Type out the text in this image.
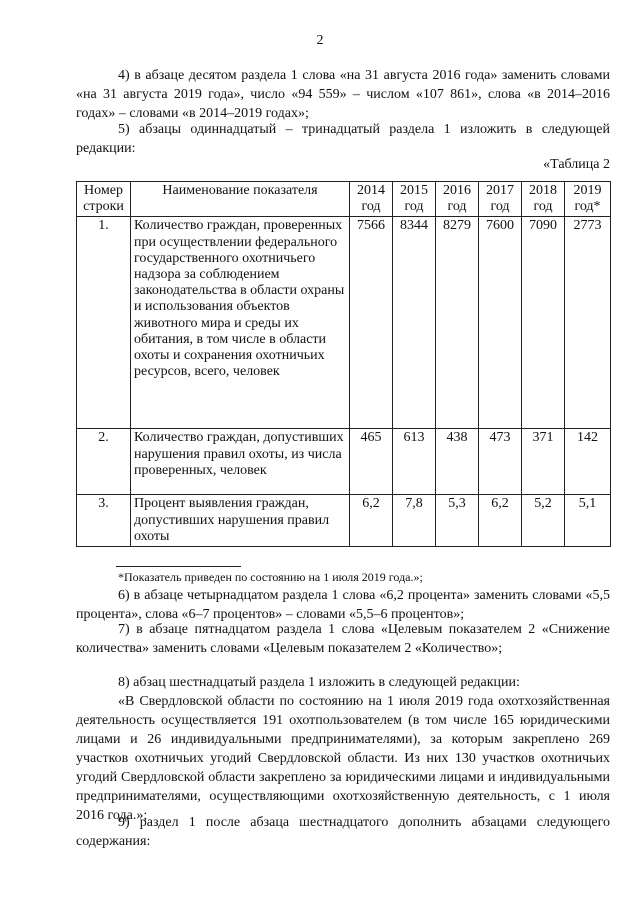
2

4) в абзаце десятом раздела 1 слова «на 31 августа 2016 года» заменить словами «на 31 августа 2019 года», число «94 559» – числом «107 861», слова «в 2014–2016 годах» – словами «в 2014–2019 годах»;

5) абзацы одиннадцатый – тринадцатый раздела 1 изложить в следующей редакции:

«Таблица 2
Номер строки	Наименование показателя	2014 год	2015 год	2016 год	2017 год	2018 год	2019 год*
1.	Количество граждан, проверенных при осуществлении федерального государственного охотничьего надзора за соблюдением законодательства в области охраны и использования объектов животного мира и среды их обитания, в том числе в области охоты и сохранения охотничьих ресурсов, всего, человек	7566	8344	8279	7600	7090	2773
2.	Количество граждан, допустивших нарушения правил охоты, из числа проверенных, человек	465	613	438	473	371	142
3.	Процент выявления граждан, допустивших нарушения правил охоты	6,2	7,8	5,3	6,2	5,2	5,1
*Показатель приведен по состоянию на 1 июля 2019 года.»;

6) в абзаце четырнадцатом раздела 1 слова «6,2 процента» заменить словами «5,5 процента», слова «6–7 процентов» – словами «5,5–6 процентов»;

7) в абзаце пятнадцатом раздела 1 слова «Целевым показателем 2 «Снижение количества» заменить словами «Целевым показателем 2 «Количество»;

8) абзац шестнадцатый раздела 1 изложить в следующей редакции:

«В Свердловской области по состоянию на 1 июля 2019 года охотхозяйственная деятельность осуществляется 191 охотпользователем (в том числе 165 юридическими лицами и 26 индивидуальными предпринимателями), за которым закреплено 269 участков охотничьих угодий Свердловской области. Из них 130 участков охотничьих угодий Свердловской области закреплено за юридическими лицами и индивидуальными предпринимателями, осуществляющими охотхозяйственную деятельность, с 1 июля 2016 года.»;

9) раздел 1 после абзаца шестнадцатого дополнить абзацами следующего содержания:
